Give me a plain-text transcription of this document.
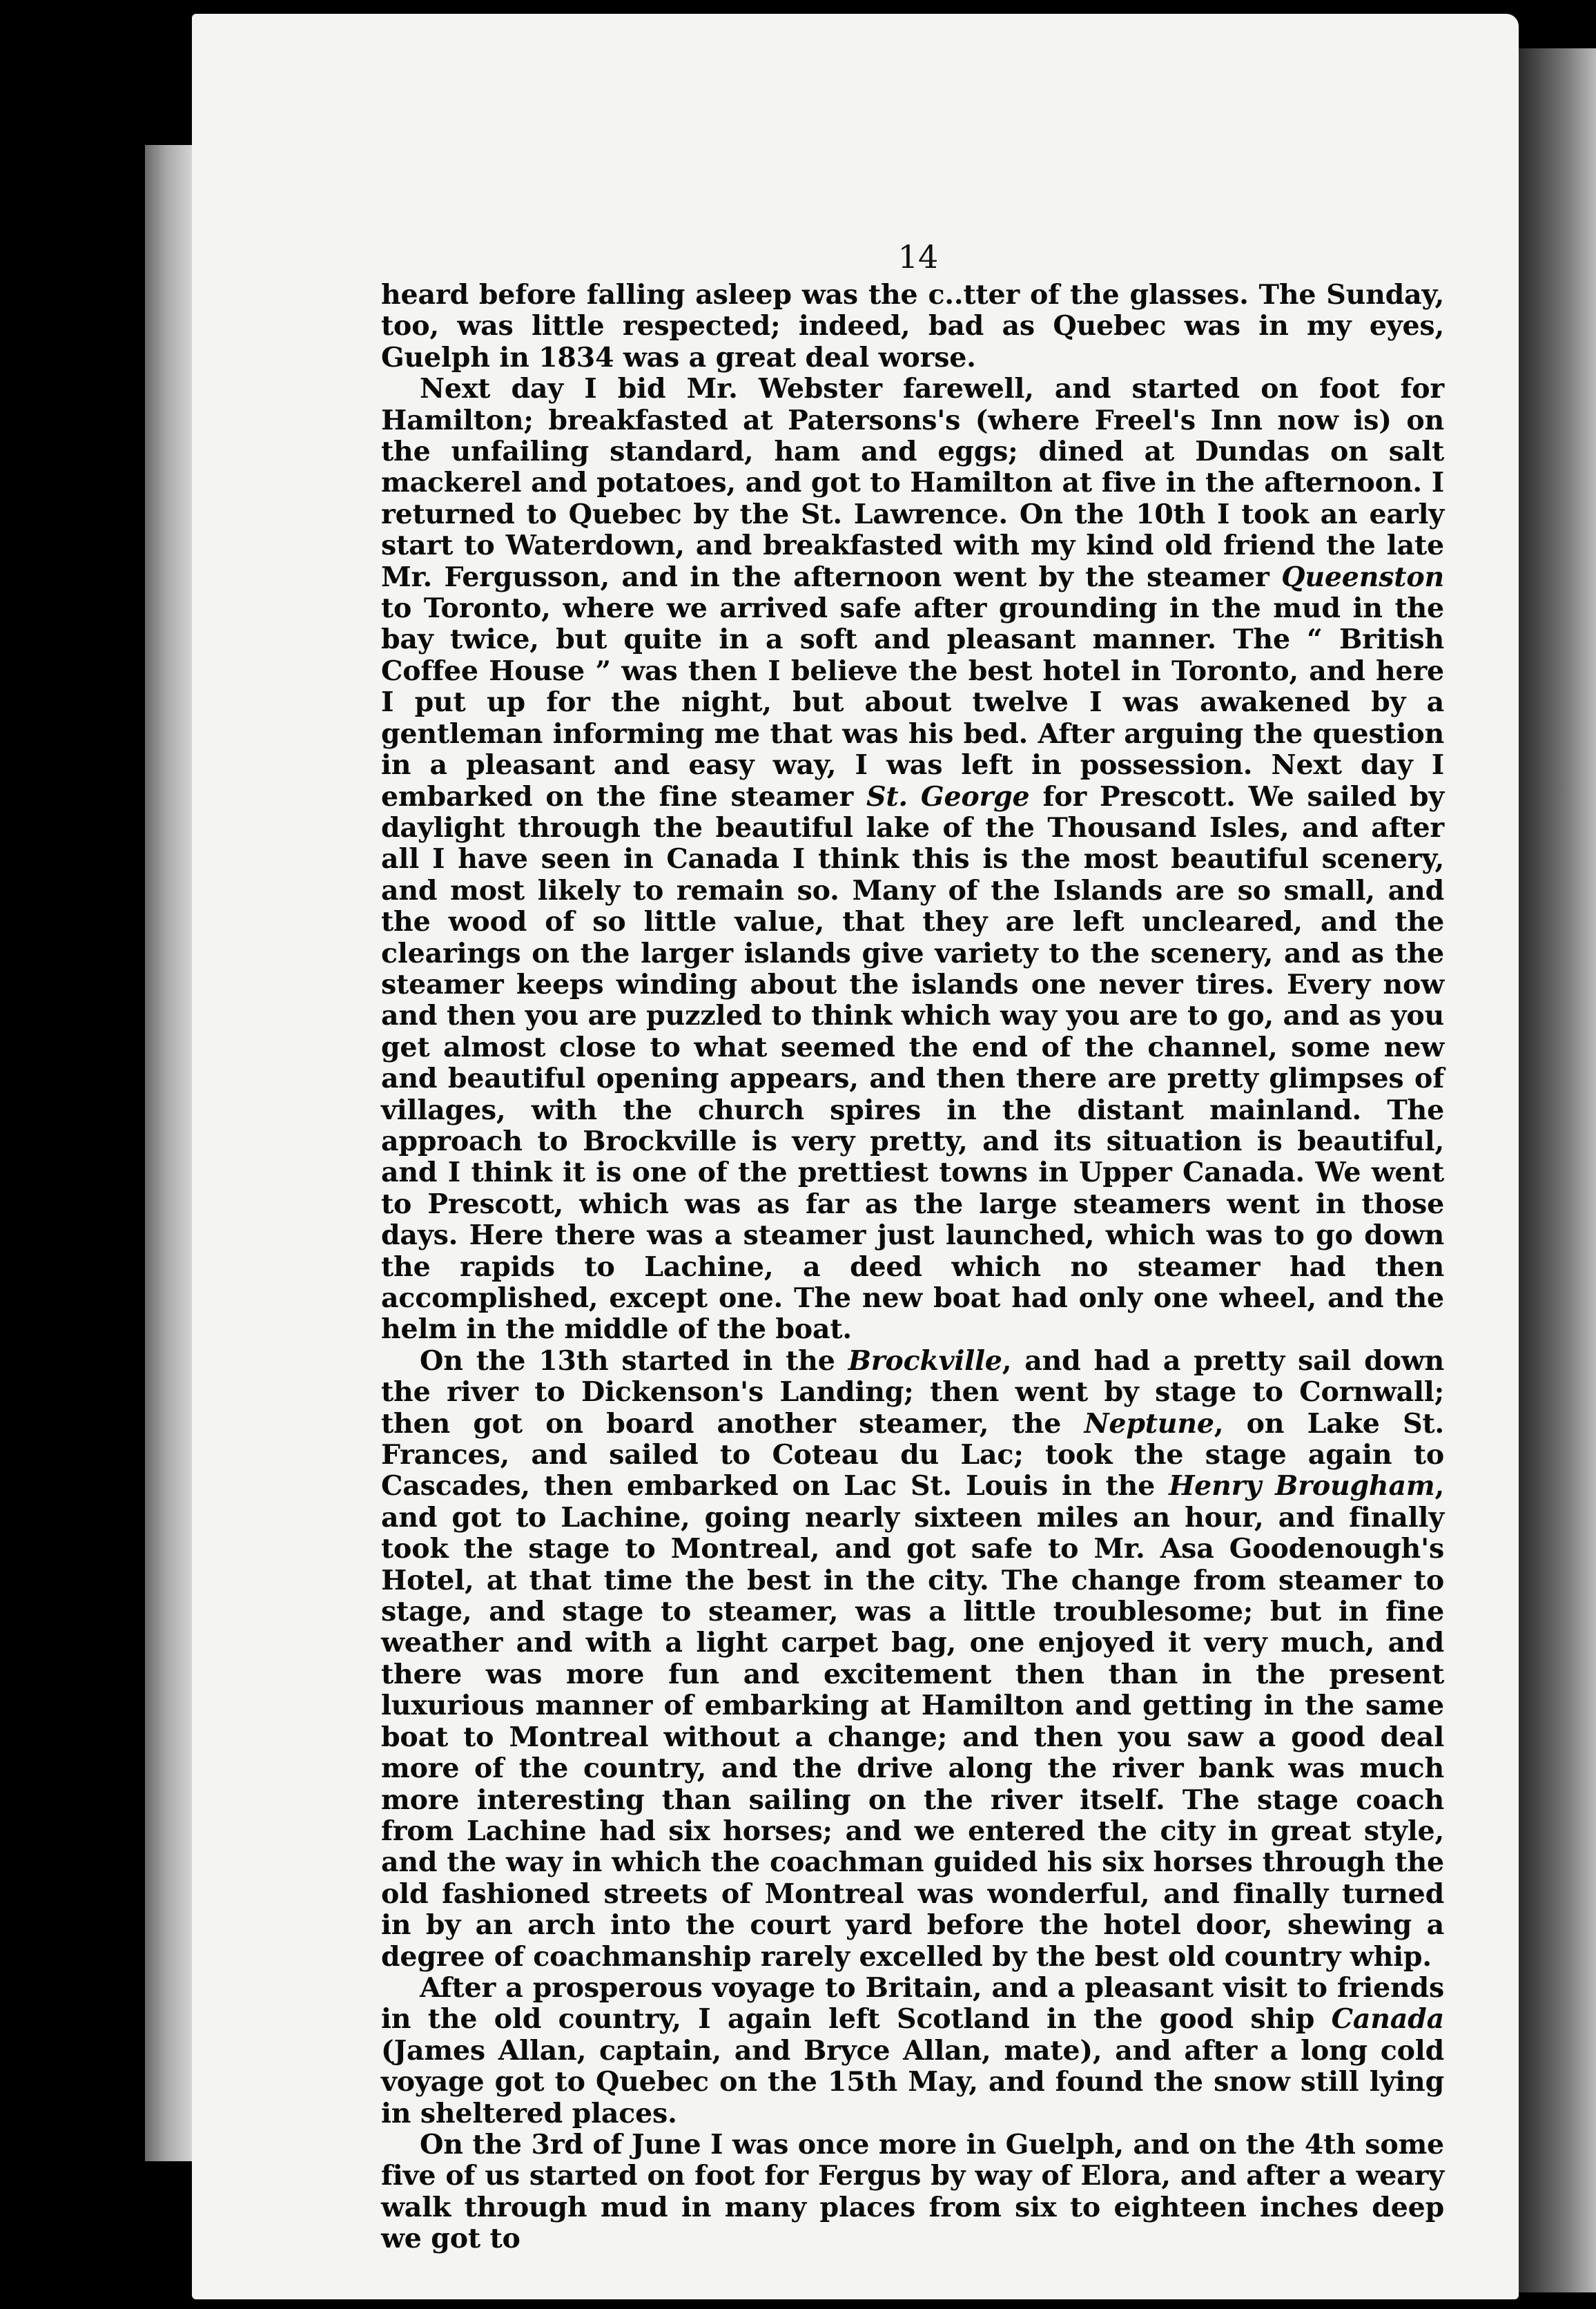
14

heard before falling asleep was the c..tter of the glasses. The Sunday, too, was little respected; indeed, bad as Quebec was in my eyes, Guelph in 1834 was a great deal worse.

Next day I bid Mr. Webster farewell, and started on foot for Hamilton; breakfasted at Patersons's (where Freel's Inn now is) on the unfailing standard, ham and eggs; dined at Dundas on salt mackerel and potatoes, and got to Hamilton at five in the afternoon. I returned to Quebec by the St. Lawrence. On the 10th I took an early start to Waterdown, and breakfasted with my kind old friend the late Mr. Fergusson, and in the afternoon went by the steamer Queenston to Toronto, where we arrived safe after grounding in the mud in the bay twice, but quite in a soft and pleasant manner. The “ British Coffee House ” was then I believe the best hotel in Toronto, and here I put up for the night, but about twelve I was awakened by a gentleman informing me that was his bed. After arguing the question in a pleasant and easy way, I was left in possession. Next day I embarked on the fine steamer St. George for Prescott. We sailed by daylight through the beautiful lake of the Thousand Isles, and after all I have seen in Canada I think this is the most beautiful scenery, and most likely to remain so. Many of the Islands are so small, and the wood of so little value, that they are left uncleared, and the clearings on the larger islands give variety to the scenery, and as the steamer keeps winding about the islands one never tires. Every now and then you are puzzled to think which way you are to go, and as you get almost close to what seemed the end of the channel, some new and beautiful opening appears, and then there are pretty glimpses of villages, with the church spires in the distant mainland. The approach to Brockville is very pretty, and its situation is beautiful, and I think it is one of the prettiest towns in Upper Canada. We went to Prescott, which was as far as the large steamers went in those days. Here there was a steamer just launched, which was to go down the rapids to Lachine, a deed which no steamer had then accomplished, except one. The new boat had only one wheel, and the helm in the middle of the boat.

On the 13th started in the Brockville, and had a pretty sail down the river to Dickenson's Landing; then went by stage to Cornwall; then got on board another steamer, the Neptune, on Lake St. Frances, and sailed to Coteau du Lac; took the stage again to Cascades, then embarked on Lac St. Louis in the Henry Brougham, and got to Lachine, going nearly sixteen miles an hour, and finally took the stage to Montreal, and got safe to Mr. Asa Goodenough's Hotel, at that time the best in the city. The change from steamer to stage, and stage to steamer, was a little troublesome; but in fine weather and with a light carpet bag, one enjoyed it very much, and there was more fun and excitement then than in the present luxurious manner of embarking at Hamilton and getting in the same boat to Montreal without a change; and then you saw a good deal more of the country, and the drive along the river bank was much more interesting than sailing on the river itself. The stage coach from Lachine had six horses; and we entered the city in great style, and the way in which the coachman guided his six horses through the old fashioned streets of Montreal was wonderful, and finally turned in by an arch into the court yard before the hotel door, shewing a degree of coachmanship rarely excelled by the best old country whip.

After a prosperous voyage to Britain, and a pleasant visit to friends in the old country, I again left Scotland in the good ship Canada (James Allan, captain, and Bryce Allan, mate), and after a long cold voyage got to Quebec on the 15th May, and found the snow still lying in sheltered places.

On the 3rd of June I was once more in Guelph, and on the 4th some five of us started on foot for Fergus by way of Elora, and after a weary walk through mud in many places from six to eighteen inches deep we got to
